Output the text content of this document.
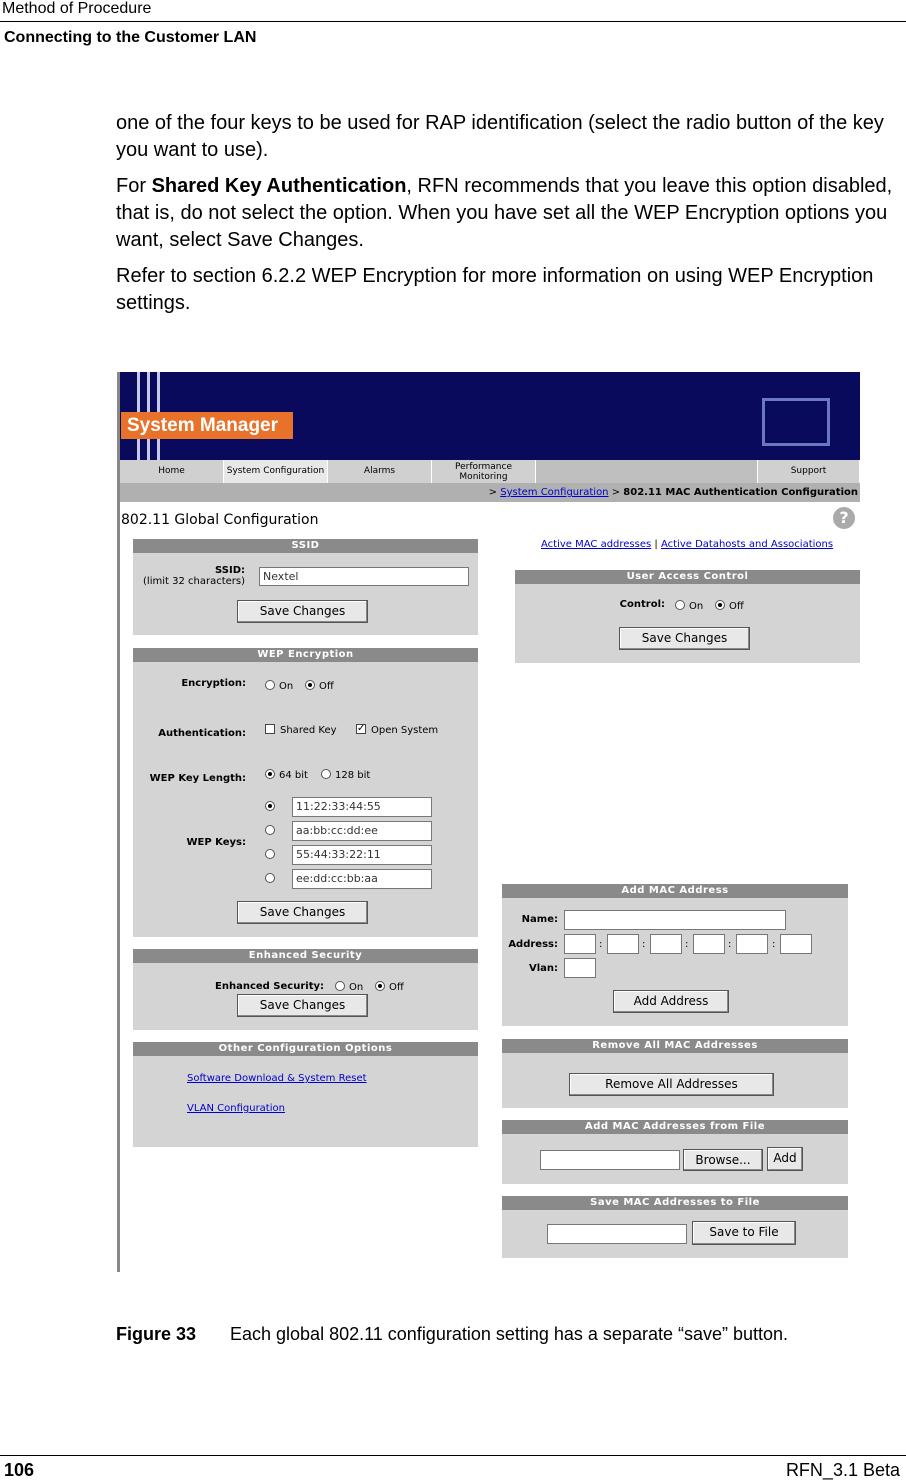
Method of Procedure
Connecting to the Customer LAN

one of the four keys to be used for RAP identification (select the radio button of the key you want to use).

For Shared Key Authentication, RFN recommends that you leave this option disabled, that is, do not select the option. When you have set all the WEP Encryption options you want, select Save Changes.

Refer to section 6.2.2 WEP Encryption for more information on using WEP Encryption settings.

System Manager
Home	System Configuration	Alarms	Performance Monitoring
Support
> System Configuration > 802.11 MAC Authentication Configuration
802.11 Global Configuration	?
Active MAC addresses | Active Datahosts and Associations
SSID
SSID:
(limit 32 characters)	Nextel
Save Changes
User Access Control
Control: On	Off
Save Changes
WEP Encryption
Encryption:	On	Off
Authentication:	Shared Key ✓ Open System
WEP Key Length:	64 bit	128 bit
WEP Keys:
11:22:33:44:55
aa:bb:cc:dd:ee
55:44:33:22:11
ee:dd:cc:bb:aa
Save Changes
Enhanced Security
Enhanced Security:	On	Off
Save Changes
Other Configuration Options
Software Download & System Reset
VLAN Configuration
Add MAC Address
Name:
Address:	:	:	:	:	:
Vlan:
Add Address
Remove All MAC Addresses
Remove All Addresses
Add MAC Addresses from File
Browse...	Add
Save MAC Addresses to File
Save to File
Figure 33 Each global 802.11 configuration setting has a separate “save” button.
106	RFN_3.1 Beta
